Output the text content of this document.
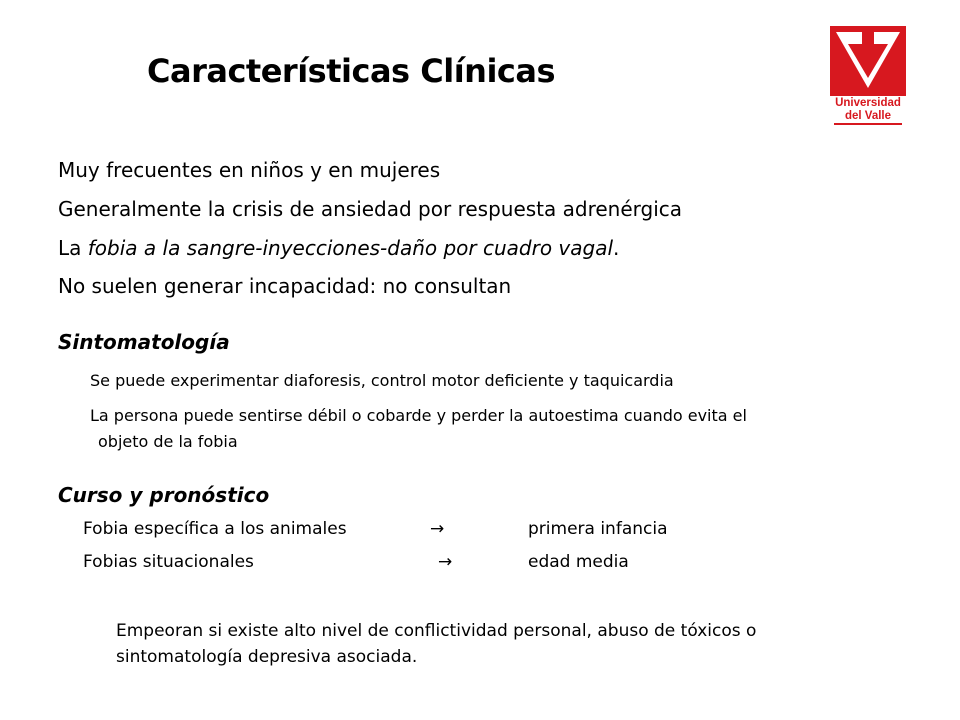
Características Clínicas
Universidad
del Valle
Muy frecuentes en niños y en mujeres
Generalmente la crisis de ansiedad por respuesta adrenérgica
La fobia a la sangre-inyecciones-daño por cuadro vagal.
No suelen generar incapacidad: no consultan
Sintomatología
Se puede experimentar diaforesis, control motor deficiente y taquicardia
La persona puede sentirse débil o cobarde y perder la autoestima cuando evita el
objeto de la fobia
Curso y pronóstico
Fobia específica a los animales	→	primera infancia
Fobias situacionales	→	edad media
Empeoran si existe alto nivel de conflictividad personal, abuso de tóxicos o
sintomatología depresiva asociada.
